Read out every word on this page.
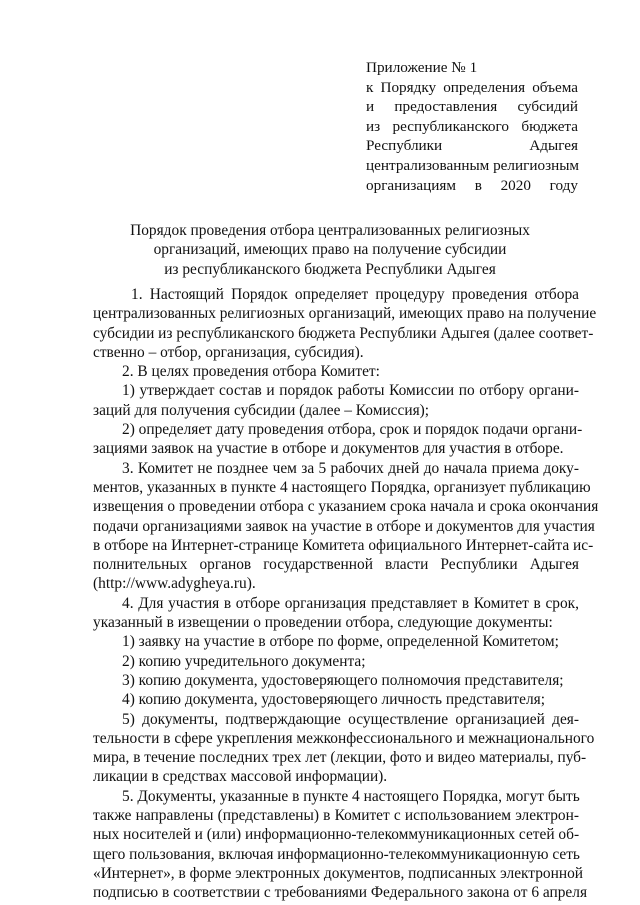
Приложение № 1
к Порядку определения объема
и предоставления субсидий
из республиканского бюджета
Республики Адыгея
централизованным религиозным
организациям в 2020 году
Порядок проведения отбора централизованных религиозных
организаций, имеющих право на получение субсидии
из республиканского бюджета Республики Адыгея
1. Настоящий Порядок определяет процедуру проведения отбора
централизованных религиозных организаций, имеющих право на получение
субсидии из республиканского бюджета Республики Адыгея (далее соответ-
ственно – отбор, организация, субсидия).
2. В целях проведения отбора Комитет:
1) утверждает состав и порядок работы Комиссии по отбору органи-
заций для получения субсидии (далее – Комиссия);
2) определяет дату проведения отбора, срок и порядок подачи органи-
зациями заявок на участие в отборе и документов для участия в отборе.
3. Комитет не позднее чем за 5 рабочих дней до начала приема доку-
ментов, указанных в пункте 4 настоящего Порядка, организует публикацию
извещения о проведении отбора с указанием срока начала и срока окончания
подачи организациями заявок на участие в отборе и документов для участия
в отборе на Интернет-странице Комитета официального Интернет-сайта ис-
полнительных органов государственной власти Республики Адыгея
(http://www.adygheya.ru).
4. Для участия в отборе организация представляет в Комитет в срок,
указанный в извещении о проведении отбора, следующие документы:
1) заявку на участие в отборе по форме, определенной Комитетом;
2) копию учредительного документа;
3) копию документа, удостоверяющего полномочия представителя;
4) копию документа, удостоверяющего личность представителя;
5) документы, подтверждающие осуществление организацией дея-
тельности в сфере укрепления межконфессионального и межнационального
мира, в течение последних трех лет (лекции, фото и видео материалы, пуб-
ликации в средствах массовой информации).
5. Документы, указанные в пункте 4 настоящего Порядка, могут быть
также направлены (представлены) в Комитет с использованием электрон-
ных носителей и (или) информационно-телекоммуникационных сетей об-
щего пользования, включая информационно-телекоммуникационную сеть
«Интернет», в форме электронных документов, подписанных электронной
подписью в соответствии с требованиями Федерального закона от 6 апреля
